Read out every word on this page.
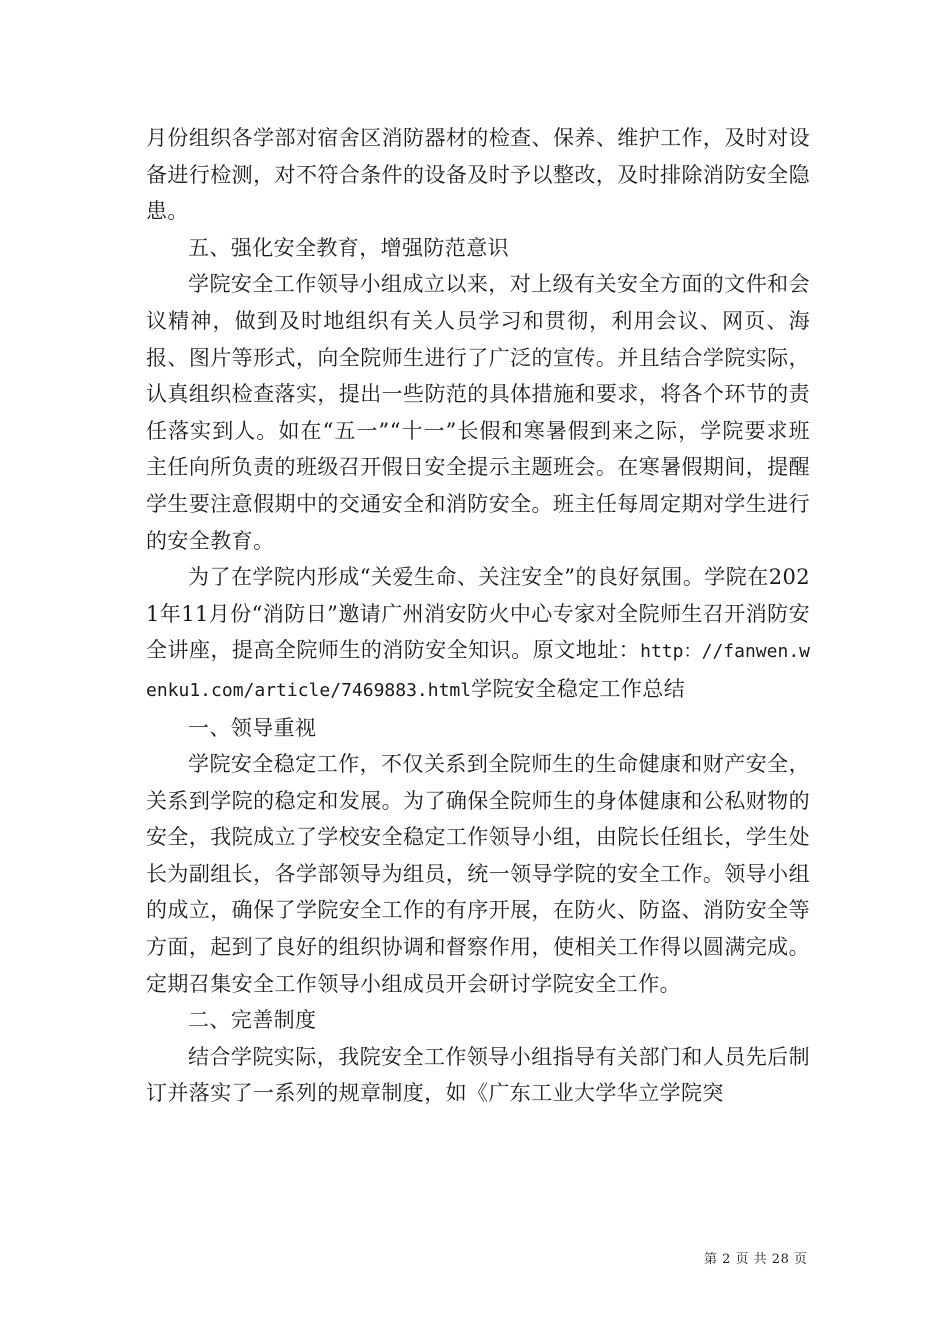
月份组织各学部对宿舍区消防器材的检查、保养、维护工作，及时对设备进行检测，对不符合条件的设备及时予以整改，及时排除消防安全隐患。

五、强化安全教育，增强防范意识

学院安全工作领导小组成立以来，对上级有关安全方面的文件和会议精神，做到及时地组织有关人员学习和贯彻，利用会议、网页、海报、图片等形式，向全院师生进行了广泛的宣传。并且结合学院实际，认真组织检查落实，提出一些防范的具体措施和要求，将各个环节的责任落实到人。如在“五一”“十一”长假和寒暑假到来之际，学院要求班主任向所负责的班级召开假日安全提示主题班会。在寒暑假期间，提醒学生要注意假期中的交通安全和消防安全。班主任每周定期对学生进行的安全教育。

为了在学院内形成“关爱生命、关注安全”的良好氛围。学院在2021年11月份“消防日”邀请广州消安防火中心专家对全院师生召开消防安全讲座，提高全院师生的消防安全知识。原文地址：http：//fanwen.wenku1.com/article/7469883.html学院安全稳定工作总结

一、领导重视

学院安全稳定工作，不仅关系到全院师生的生命健康和财产安全，关系到学院的稳定和发展。为了确保全院师生的身体健康和公私财物的安全，我院成立了学校安全稳定工作领导小组，由院长任组长，学生处长为副组长，各学部领导为组员，统一领导学院的安全工作。领导小组的成立，确保了学院安全工作的有序开展，在防火、防盗、消防安全等方面，起到了良好的组织协调和督察作用，使相关工作得以圆满完成。定期召集安全工作领导小组成员开会研讨学院安全工作。

二、完善制度

结合学院实际，我院安全工作领导小组指导有关部门和人员先后制订并落实了一系列的规章制度，如《广东工业大学华立学院突

第 2 页 共 28 页
